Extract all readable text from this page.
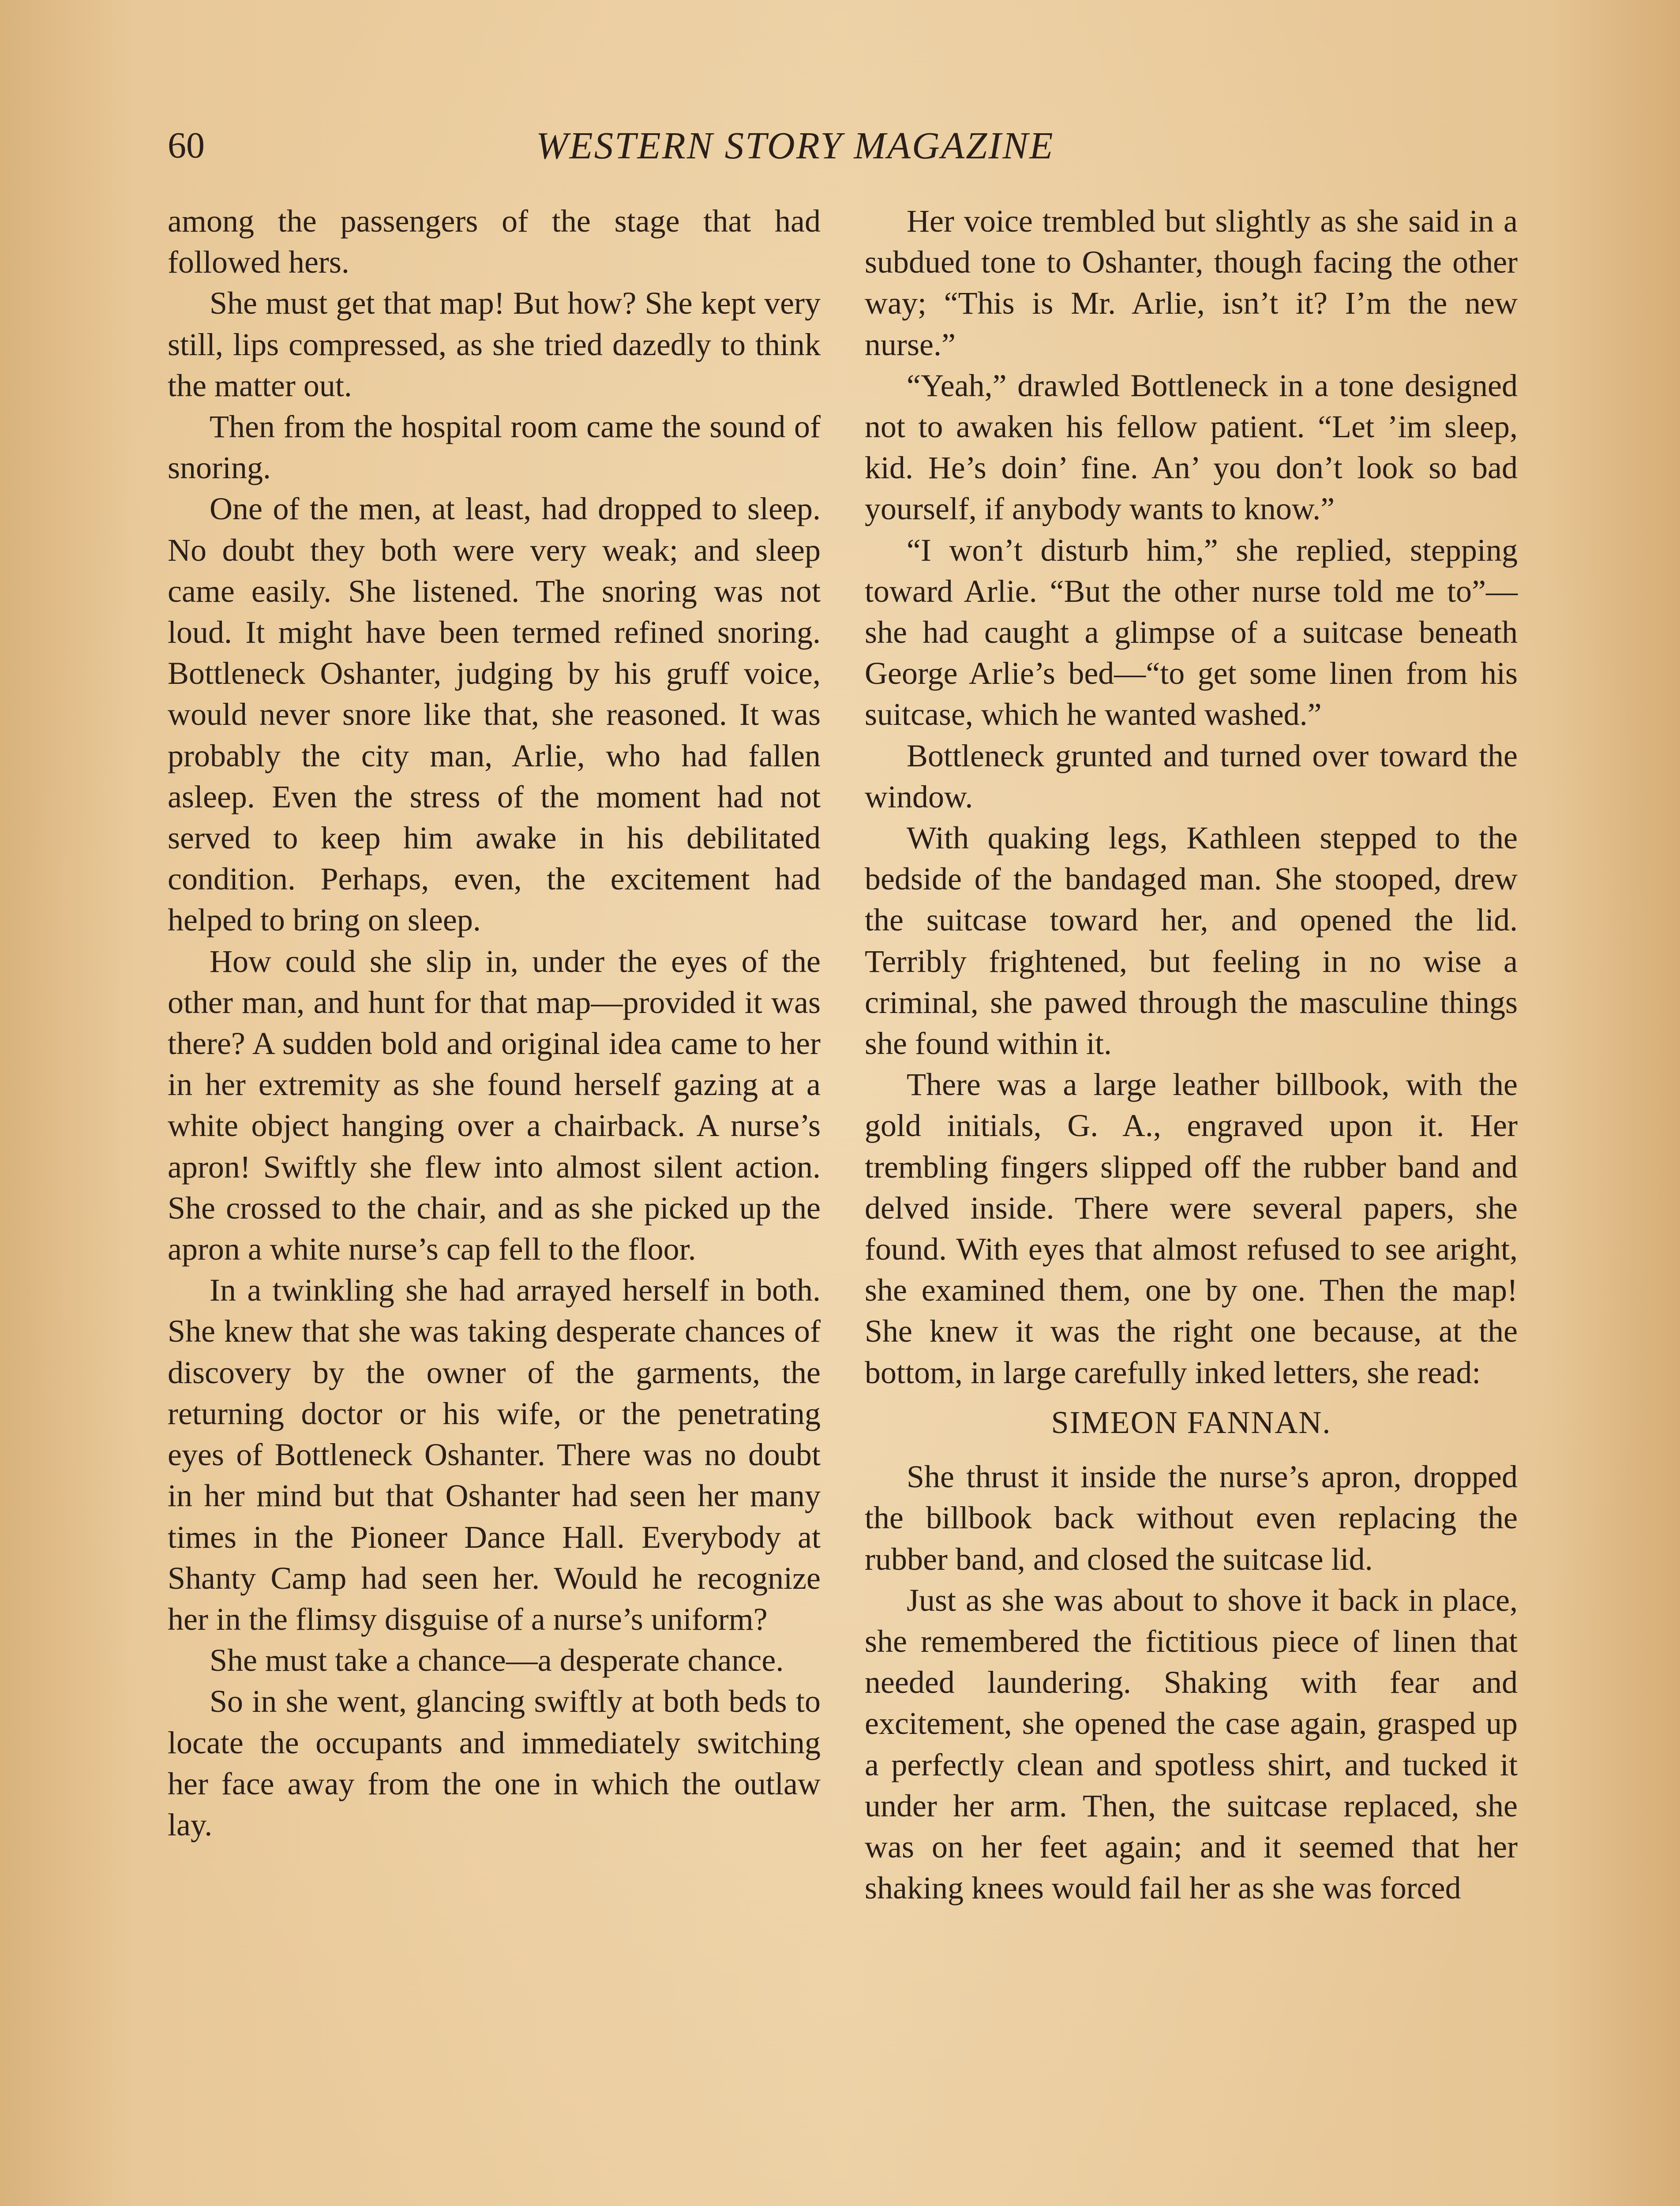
60	WESTERN STORY MAGAZINE

among the passengers of the stage that had followed hers.

She must get that map! But how? She kept very still, lips compressed, as she tried dazedly to think the matter out.

Then from the hospital room came the sound of snoring.

One of the men, at least, had dropped to sleep. No doubt they both were very weak; and sleep came easily. She listened. The snoring was not loud. It might have been termed refined snoring. Bottleneck Oshanter, judging by his gruff voice, would never snore like that, she reasoned. It was probably the city man, Arlie, who had fallen asleep. Even the stress of the moment had not served to keep him awake in his debilitated condition. Perhaps, even, the excitement had helped to bring on sleep.

How could she slip in, under the eyes of the other man, and hunt for that map—provided it was there? A sudden bold and original idea came to her in her extremity as she found herself gazing at a white object hanging over a chairback. A nurse’s apron! Swiftly she flew into almost silent action. She crossed to the chair, and as she picked up the apron a white nurse’s cap fell to the floor.

In a twinkling she had arrayed herself in both. She knew that she was taking desperate chances of discovery by the owner of the garments, the returning doctor or his wife, or the penetrating eyes of Bottleneck Oshanter. There was no doubt in her mind but that Oshanter had seen her many times in the Pioneer Dance Hall. Everybody at Shanty Camp had seen her. Would he recognize her in the flimsy disguise of a nurse’s uniform?

She must take a chance—a desperate chance.

So in she went, glancing swiftly at both beds to locate the occupants and immediately switching her face away from the one in which the outlaw lay.

Her voice trembled but slightly as she said in a subdued tone to Oshanter, though facing the other way; “This is Mr. Arlie, isn’t it? I’m the new nurse.”

“Yeah,” drawled Bottleneck in a tone designed not to awaken his fellow patient. “Let ’im sleep, kid. He’s doin’ fine. An’ you don’t look so bad yourself, if anybody wants to know.”

“I won’t disturb him,” she replied, stepping toward Arlie. “But the other nurse told me to”—she had caught a glimpse of a suitcase beneath George Arlie’s bed—“to get some linen from his suitcase, which he wanted washed.”

Bottleneck grunted and turned over toward the window.

With quaking legs, Kathleen stepped to the bedside of the bandaged man. She stooped, drew the suitcase toward her, and opened the lid. Terribly frightened, but feeling in no wise a criminal, she pawed through the masculine things she found within it.

There was a large leather billbook, with the gold initials, G. A., engraved upon it. Her trembling fingers slipped off the rubber band and delved inside. There were several papers, she found. With eyes that almost refused to see aright, she examined them, one by one. Then the map! She knew it was the right one because, at the bottom, in large carefully inked letters, she read:

SIMEON FANNAN.

She thrust it inside the nurse’s apron, dropped the billbook back without even replacing the rubber band, and closed the suitcase lid.

Just as she was about to shove it back in place, she remembered the fictitious piece of linen that needed laundering. Shaking with fear and excitement, she opened the case again, grasped up a perfectly clean and spotless shirt, and tucked it under her arm. Then, the suitcase replaced, she was on her feet again; and it seemed that her shaking knees would fail her as she was forced
